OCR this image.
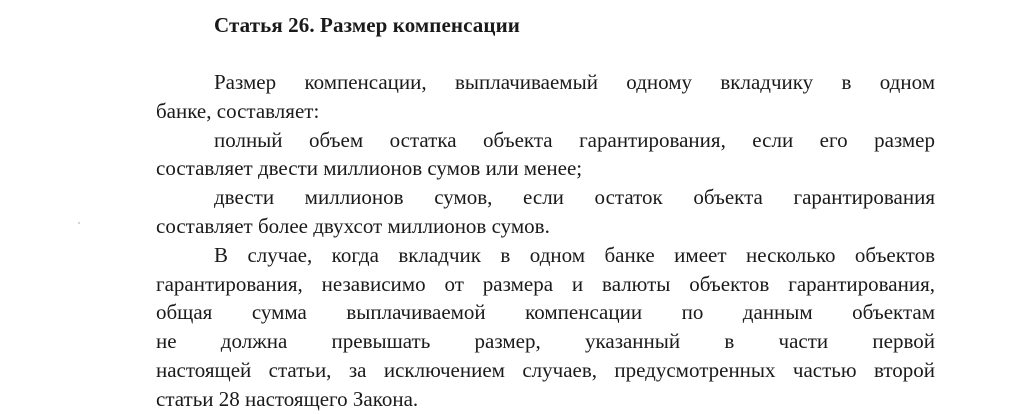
Статья 26. Размер компенсации

Размер компенсации, выплачиваемый одному вкладчику в одном
банке, составляет:

полный объем остатка объекта гарантирования, если его размер
составляет двести миллионов сумов или менее;

двести миллионов сумов, если остаток объекта гарантирования
составляет более двухсот миллионов сумов.

В случае, когда вкладчик в одном банке имеет несколько объектов
гарантирования, независимо от размера и валюты объектов гарантирования,
общая сумма выплачиваемой компенсации по данным объектам
не должна превышать размер, указанный в части первой
настоящей статьи, за исключением случаев, предусмотренных частью второй
статьи 28 настоящего Закона.
